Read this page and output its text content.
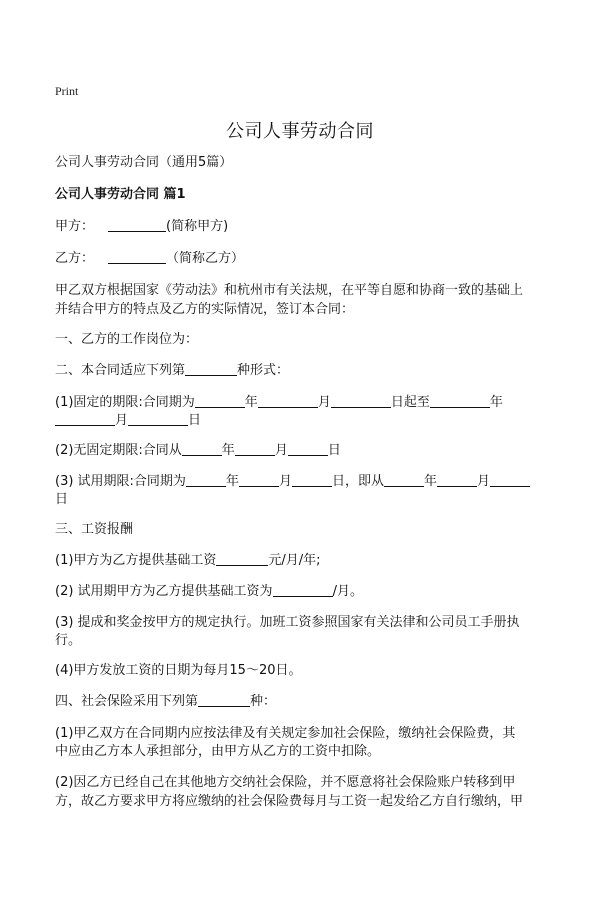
Print
公司人事劳动合同
公司人事劳动合同（通用5篇）
公司人事劳动合同 篇1
甲方：	(简称甲方)
乙方：	（简称乙方）
甲乙双方根据国家《劳动法》和杭州市有关法规，在平等自愿和协商一致的基础上
并结合甲方的特点及乙方的实际情况，签订本合同：
一、乙方的工作岗位为：
二、本合同适应下列第	种形式：
(1)固定的期限:合同期为	年	月	日起至	年
月	日
(2)无固定期限:合同从	年	月	日
(3) 试用期限:合同期为	年	月	日，即从	年	月
日
三、工资报酬
(1)甲方为乙方提供基础工资	元/月/年;
(2) 试用期甲方为乙方提供基础工资为	/月。
(3) 提成和奖金按甲方的规定执行。加班工资参照国家有关法律和公司员工手册执
行。
(4)甲方发放工资的日期为每月15～20日。
四、社会保险采用下列第	种：
(1)甲乙双方在合同期内应按法律及有关规定参加社会保险，缴纳社会保险费，其
中应由乙方本人承担部分，由甲方从乙方的工资中扣除。
(2)因乙方已经自己在其他地方交纳社会保险，并不愿意将社会保险账户转移到甲
方，故乙方要求甲方将应缴纳的社会保险费每月与工资一起发给乙方自行缴纳，甲
